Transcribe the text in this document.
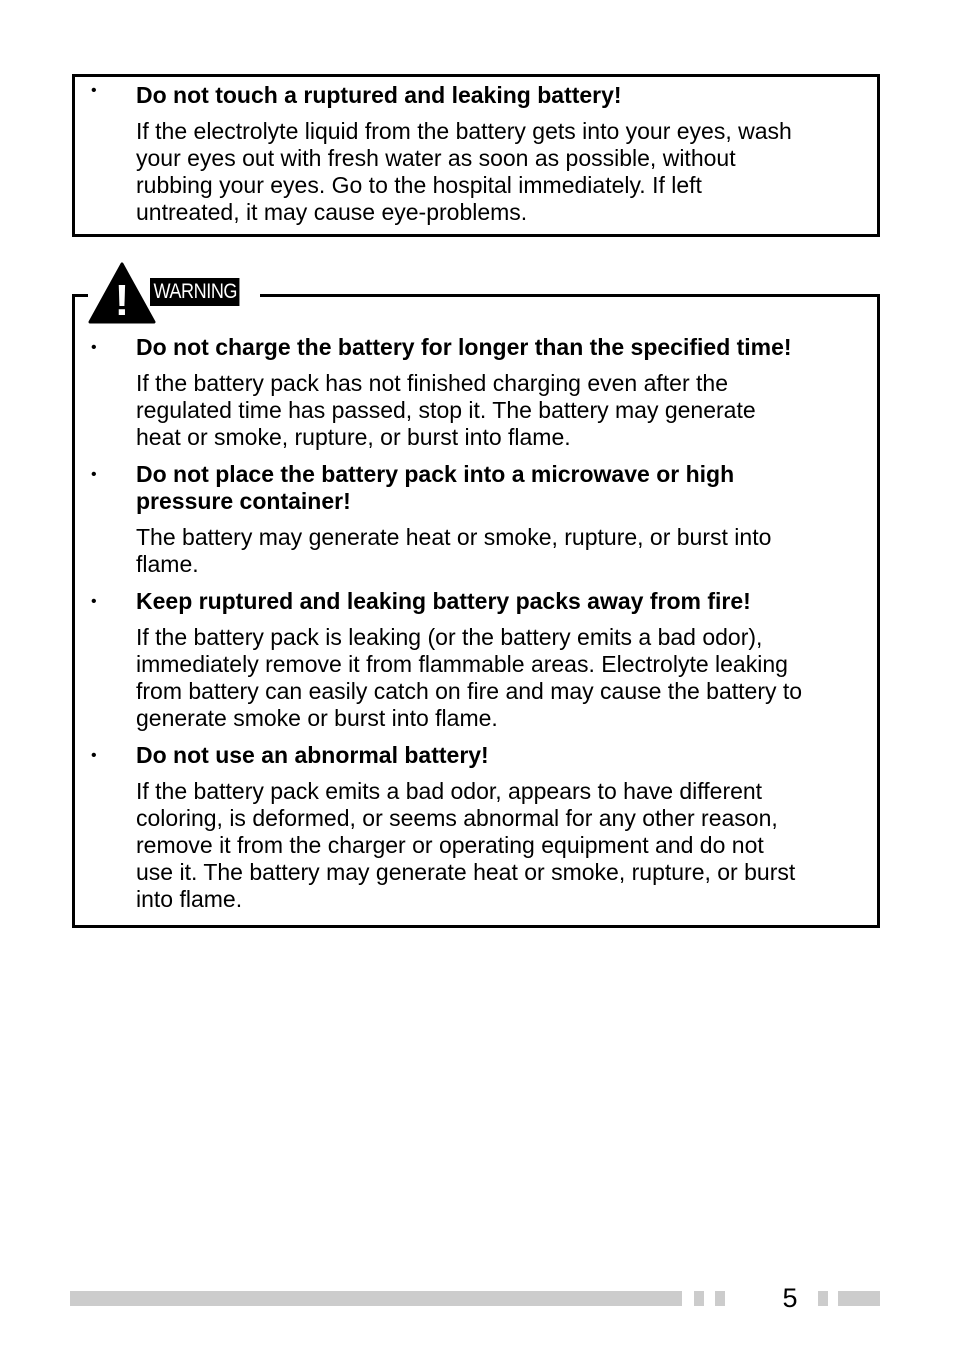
• Do not touch a ruptured and leaking battery!

If the electrolyte liquid from the battery gets into your eyes, wash
your eyes out with fresh water as soon as possible, without
rubbing your eyes. Go to the hospital immediately. If left
untreated, it may cause eye-problems.

• Do not charge the battery for longer than the specified time!

If the battery pack has not finished charging even after the
regulated time has passed, stop it. The battery may generate
heat or smoke, rupture, or burst into flame.

• Do not place the battery pack into a microwave or high
pressure container!

The battery may generate heat or smoke, rupture, or burst into
flame.

• Keep ruptured and leaking battery packs away from fire!

If the battery pack is leaking (or the battery emits a bad odor),
immediately remove it from flammable areas. Electrolyte leaking
from battery can easily catch on fire and may cause the battery to
generate smoke or burst into flame.

• Do not use an abnormal battery!

If the battery pack emits a bad odor, appears to have different
coloring, is deformed, or seems abnormal for any other reason,
remove it from the charger or operating equipment and do not
use it. The battery may generate heat or smoke, rupture, or burst
into flame.

! WARNING
5
